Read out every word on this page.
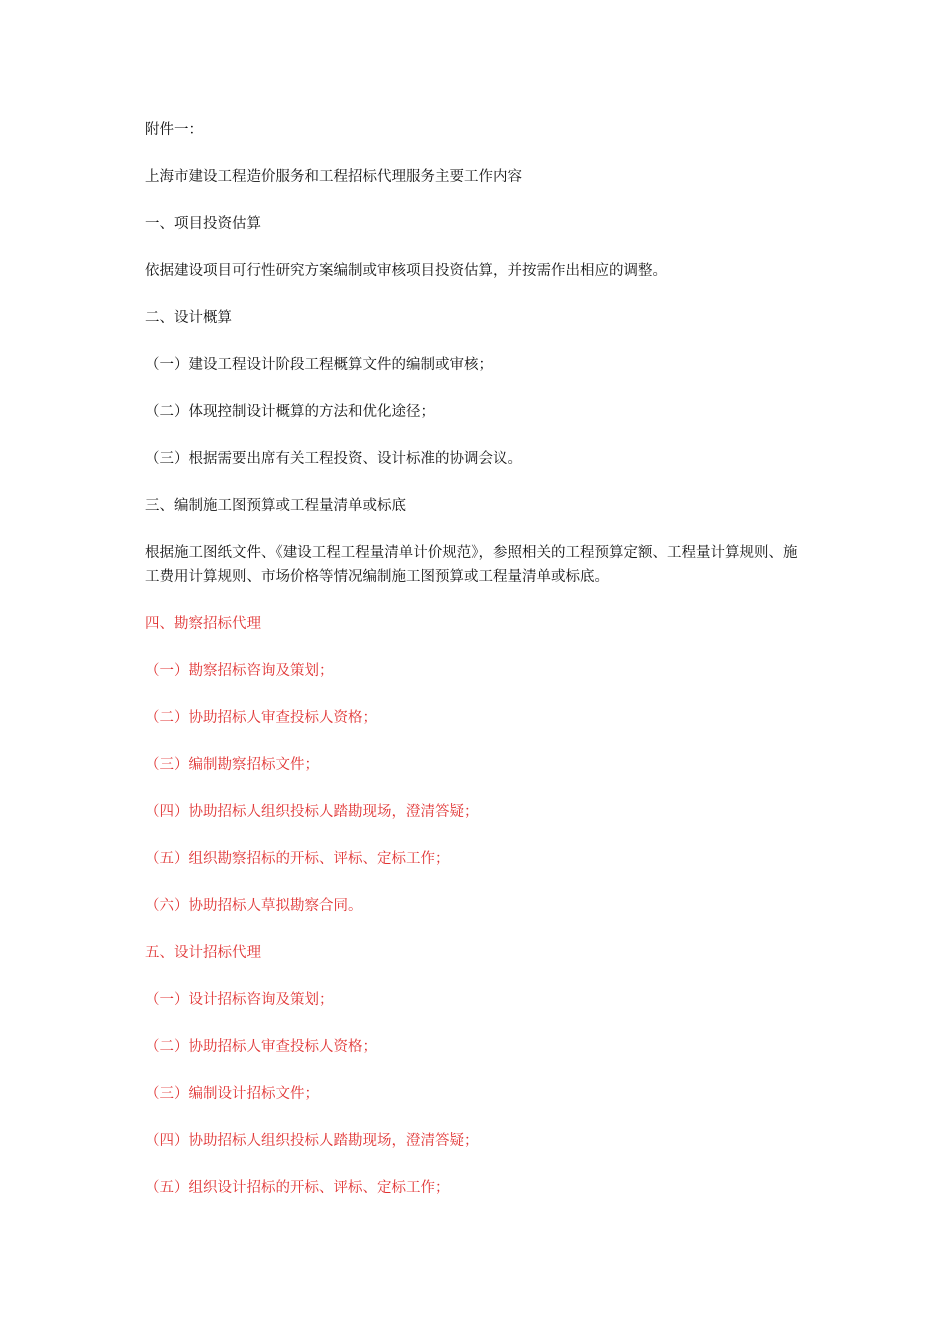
附件一：

上海市建设工程造价服务和工程招标代理服务主要工作内容

一、项目投资估算

依据建设项目可行性研究方案编制或审核项目投资估算，并按需作出相应的调整。

二、设计概算

（一）建设工程设计阶段工程概算文件的编制或审核；

（二）体现控制设计概算的方法和优化途径；

（三）根据需要出席有关工程投资、设计标准的协调会议。

三、编制施工图预算或工程量清单或标底

根据施工图纸文件、《建设工程工程量清单计价规范》，参照相关的工程预算定额、工程量计算规则、施工费用计算规则、市场价格等情况编制施工图预算或工程量清单或标底。

四、勘察招标代理

（一）勘察招标咨询及策划；

（二）协助招标人审查投标人资格；

（三）编制勘察招标文件；

（四）协助招标人组织投标人踏勘现场，澄清答疑；

（五）组织勘察招标的开标、评标、定标工作；

（六）协助招标人草拟勘察合同。

五、设计招标代理

（一）设计招标咨询及策划；

（二）协助招标人审查投标人资格；

（三）编制设计招标文件；

（四）协助招标人组织投标人踏勘现场，澄清答疑；

（五）组织设计招标的开标、评标、定标工作；
